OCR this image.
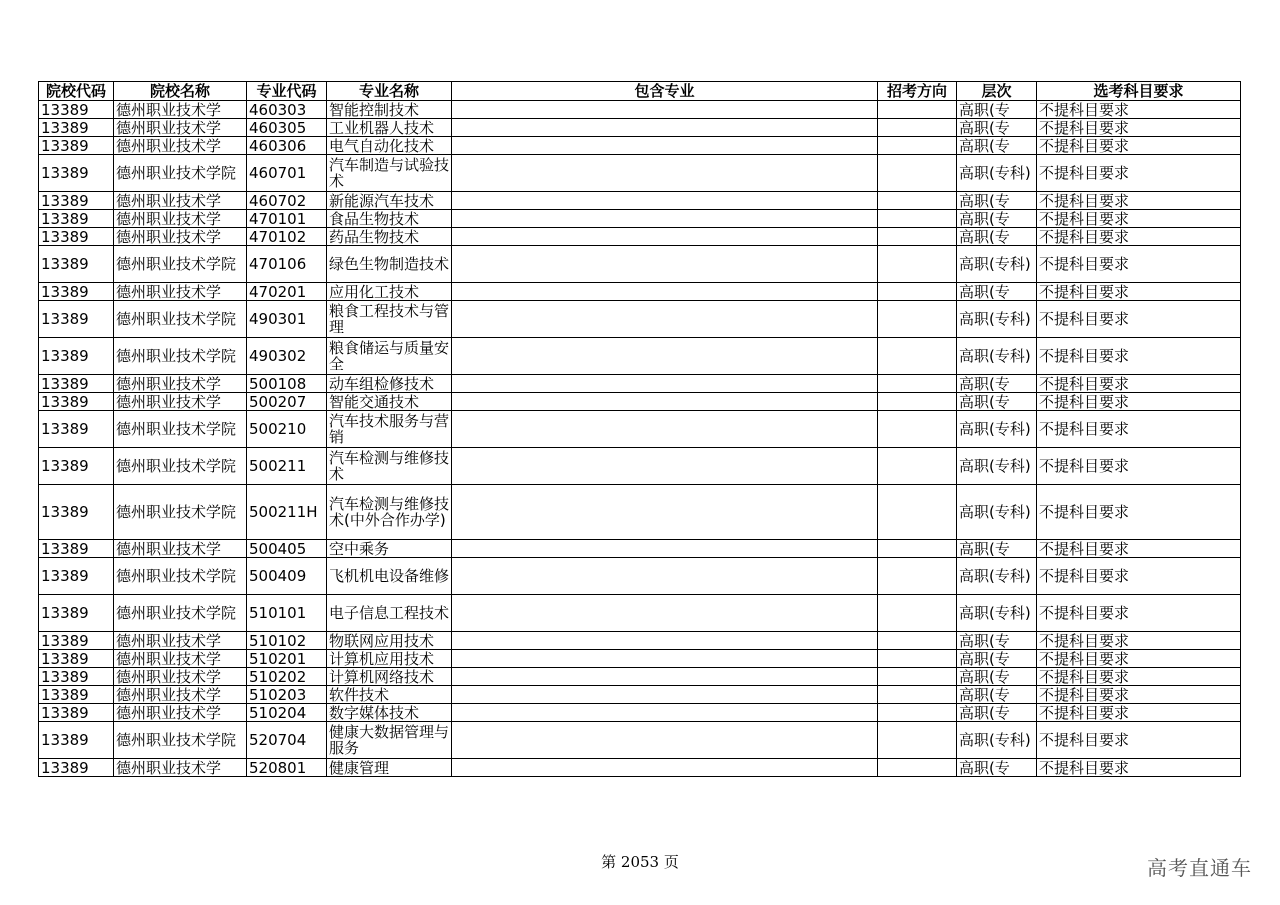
院校代码	院校名称	专业代码	专业名称	包含专业	招考方向	层次	选考科目要求
13389	德州职业技术学	460303	智能控制技术			高职(专	不提科目要求
13389	德州职业技术学	460305	工业机器人技术			高职(专	不提科目要求
13389	德州职业技术学	460306	电气自动化技术			高职(专	不提科目要求
13389	德州职业技术学院	460701	汽车制造与试验技术			高职(专科)	不提科目要求
13389	德州职业技术学	460702	新能源汽车技术			高职(专	不提科目要求
13389	德州职业技术学	470101	食品生物技术			高职(专	不提科目要求
13389	德州职业技术学	470102	药品生物技术			高职(专	不提科目要求
13389	德州职业技术学院	470106	绿色生物制造技术			高职(专科)	不提科目要求
13389	德州职业技术学	470201	应用化工技术			高职(专	不提科目要求
13389	德州职业技术学院	490301	粮食工程技术与管理			高职(专科)	不提科目要求
13389	德州职业技术学院	490302	粮食储运与质量安全			高职(专科)	不提科目要求
13389	德州职业技术学	500108	动车组检修技术			高职(专	不提科目要求
13389	德州职业技术学	500207	智能交通技术			高职(专	不提科目要求
13389	德州职业技术学院	500210	汽车技术服务与营销			高职(专科)	不提科目要求
13389	德州职业技术学院	500211	汽车检测与维修技术			高职(专科)	不提科目要求
13389	德州职业技术学院	500211H	汽车检测与维修技术(中外合作办学)			高职(专科)	不提科目要求
13389	德州职业技术学	500405	空中乘务			高职(专	不提科目要求
13389	德州职业技术学院	500409	飞机机电设备维修			高职(专科)	不提科目要求
13389	德州职业技术学院	510101	电子信息工程技术			高职(专科)	不提科目要求
13389	德州职业技术学	510102	物联网应用技术			高职(专	不提科目要求
13389	德州职业技术学	510201	计算机应用技术			高职(专	不提科目要求
13389	德州职业技术学	510202	计算机网络技术			高职(专	不提科目要求
13389	德州职业技术学	510203	软件技术			高职(专	不提科目要求
13389	德州职业技术学	510204	数字媒体技术			高职(专	不提科目要求
13389	德州职业技术学院	520704	健康大数据管理与服务			高职(专科)	不提科目要求
13389	德州职业技术学	520801	健康管理			高职(专	不提科目要求
第 2053 页	高考直通车
